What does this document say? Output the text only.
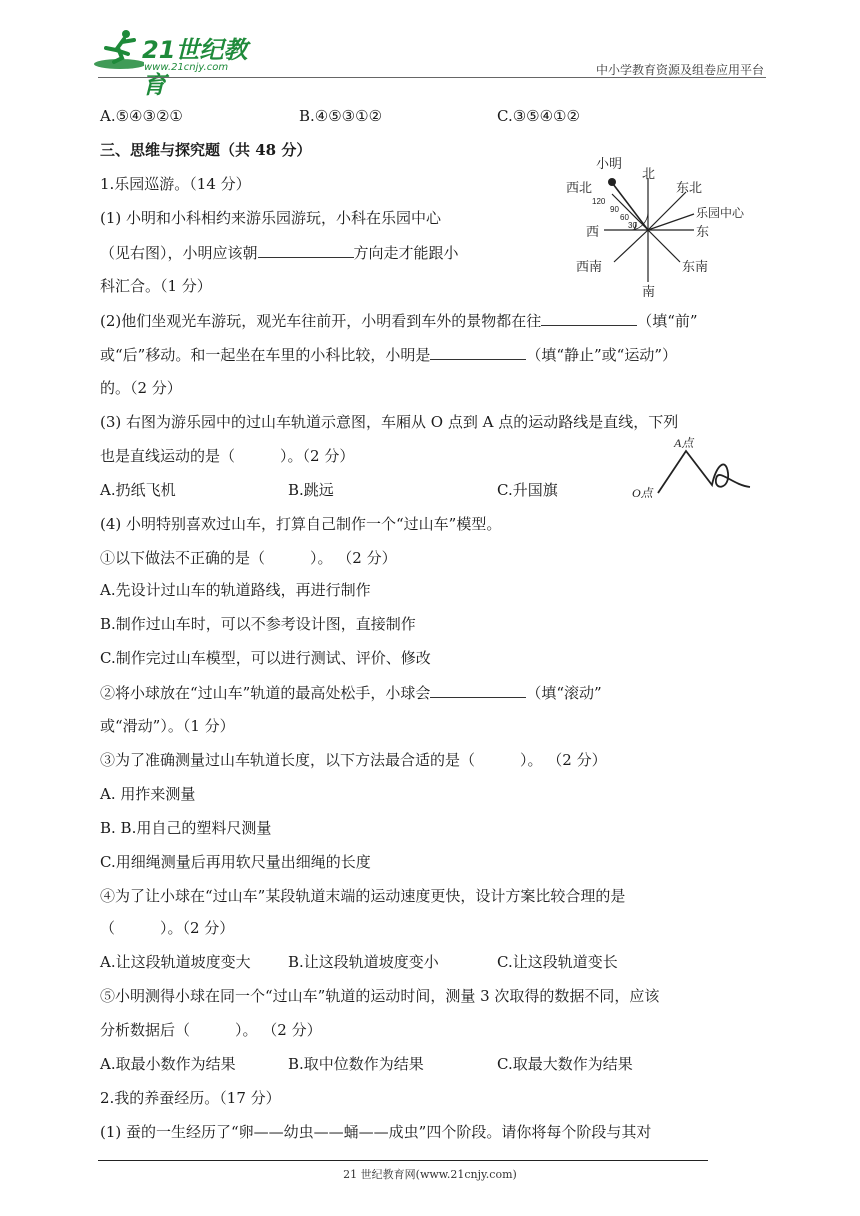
21世纪教育
www.21cnjy.com	中小学教育资源及组卷应用平台
A.⑤④③②①	B.④⑤③①②	C.③⑤④①②
三、思维与探究题（共 48 分）
1.乐园巡游。（14 分）
(1) 小明和小科相约来游乐园游玩，小科在乐园中心
（见右图），小明应该朝	方向走才能跟小
科汇合。（1 分）
(2)他们坐观光车游玩，观光车往前开，小明看到车外的景物都在往	（填“前”
或“后”移动。和一起坐在车里的小科比较，小明是	（填“静止”或“运动”）
的。（2 分）
(3) 右图为游乐园中的过山车轨道示意图，车厢从 O 点到 A 点的运动路线是直线，下列
也是直线运动的是（　　　）。（2 分）
A.扔纸飞机	B.跳远	C.升国旗
(4) 小明特别喜欢过山车，打算自己制作一个“过山车”模型。
①以下做法不正确的是（　　　）。 （2 分）
A.先设计过山车的轨道路线，再进行制作
B.制作过山车时，可以不参考设计图，直接制作
C.制作完过山车模型，可以进行测试、评价、修改
②将小球放在“过山车”轨道的最高处松手，小球会	（填“滚动”
或“滑动”）。（1 分）
③为了准确测量过山车轨道长度，以下方法最合适的是（　　　）。 （2 分）
A. 用拃来测量
B. B.用自己的塑料尺测量
C.用细绳测量后再用软尺量出细绳的长度
④为了让小球在“过山车”某段轨道末端的运动速度更快，设计方案比较合理的是
（　　　）。（2 分）
A.让这段轨道坡度变大 B.让这段轨道坡度变小	C.让这段轨道变长
⑤小明测得小球在同一个“过山车”轨道的运动时间，测量 3 次取得的数据不同，应该
分析数据后（　　　）。 （2 分）
A.取最小数作为结果	B.取中位数作为结果	C.取最大数作为结果
2.我的养蚕经历。（17 分）
(1) 蚕的一生经历了“卵——幼虫——蛹——成虫”四个阶段。请你将每个阶段与其对
小明
北
东北
乐园中心
东
东南
南
西南
西
西北
30
60
90
120
A点
O点
21 世纪教育网(www.21cnjy.com)
